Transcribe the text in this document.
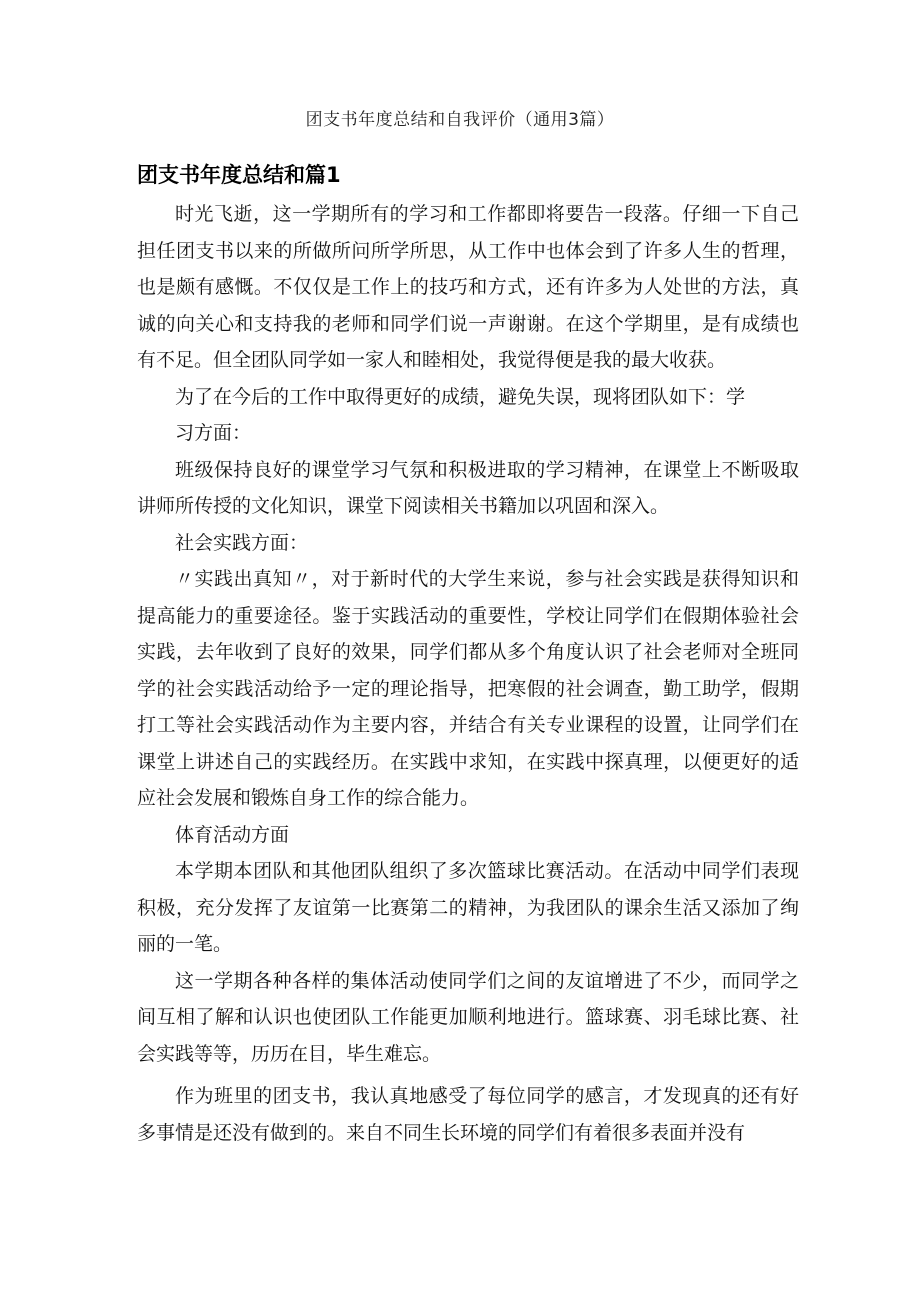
团支书年度总结和自我评价（通用3篇）
团支书年度总结和篇1

时光飞逝，这一学期所有的学习和工作都即将要告一段落。仔细一下自己担任团支书以来的所做所问所学所思，从工作中也体会到了许多人生的哲理，也是颇有感慨。不仅仅是工作上的技巧和方式，还有许多为人处世的方法，真诚的向关心和支持我的老师和同学们说一声谢谢。在这个学期里，是有成绩也有不足。但全团队同学如一家人和睦相处，我觉得便是我的最大收获。

为了在今后的工作中取得更好的成绩，避免失误，现将团队如下：学

习方面：

班级保持良好的课堂学习气氛和积极进取的学习精神，在课堂上不断吸取讲师所传授的文化知识，课堂下阅读相关书籍加以巩固和深入。

社会实践方面：

〃实践出真知〃，对于新时代的大学生来说，参与社会实践是获得知识和提高能力的重要途径。鉴于实践活动的重要性，学校让同学们在假期体验社会实践，去年收到了良好的效果，同学们都从多个角度认识了社会老师对全班同学的社会实践活动给予一定的理论指导，把寒假的社会调查，勤工助学，假期打工等社会实践活动作为主要内容，并结合有关专业课程的设置，让同学们在课堂上讲述自己的实践经历。在实践中求知，在实践中探真理，以便更好的适应社会发展和锻炼自身工作的综合能力。

体育活动方面

本学期本团队和其他团队组织了多次篮球比赛活动。在活动中同学们表现积极，充分发挥了友谊第一比赛第二的精神，为我团队的课余生活又添加了绚丽的一笔。

这一学期各种各样的集体活动使同学们之间的友谊增进了不少，而同学之间互相了解和认识也使团队工作能更加顺利地进行。篮球赛、羽毛球比赛、社会实践等等，历历在目，毕生难忘。

作为班里的团支书，我认真地感受了每位同学的感言，才发现真的还有好多事情是还没有做到的。来自不同生长环境的同学们有着很多表面并没有
